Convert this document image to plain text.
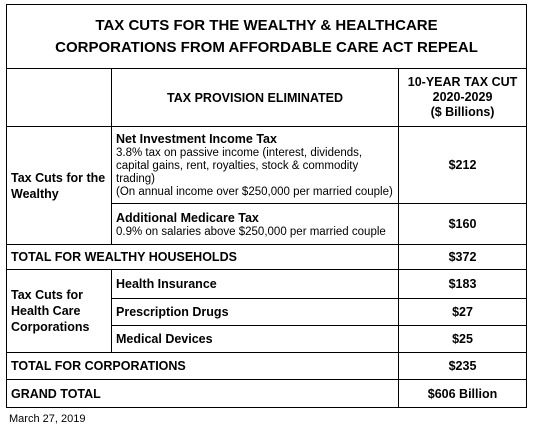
TAX CUTS FOR THE WEALTHY & HEALTHCARE
CORPORATIONS FROM AFFORDABLE CARE ACT REPEAL		

	TAX PROVISION ELIMINATED	10-YEAR TAX CUT
2020-2029
($ Billions)

Tax Cuts for the Wealthy	Net Investment Income Tax
3.8% tax on passive income (interest, dividends, capital gains, rent, royalties, stock & commodity trading)
(On annual income over $250,000 per married couple)	$212

	Additional Medicare Tax
0.9% on salaries above $250,000 per married couple	$160
TOTAL FOR WEALTHY HOUSEHOLDS		$372
Tax Cuts for Health Care Corporations	Health Insurance	$183
	Prescription Drugs	$27
	Medical Devices	$25
TOTAL FOR CORPORATIONS		$235
GRAND TOTAL		$606 Billion
March 27, 2019
